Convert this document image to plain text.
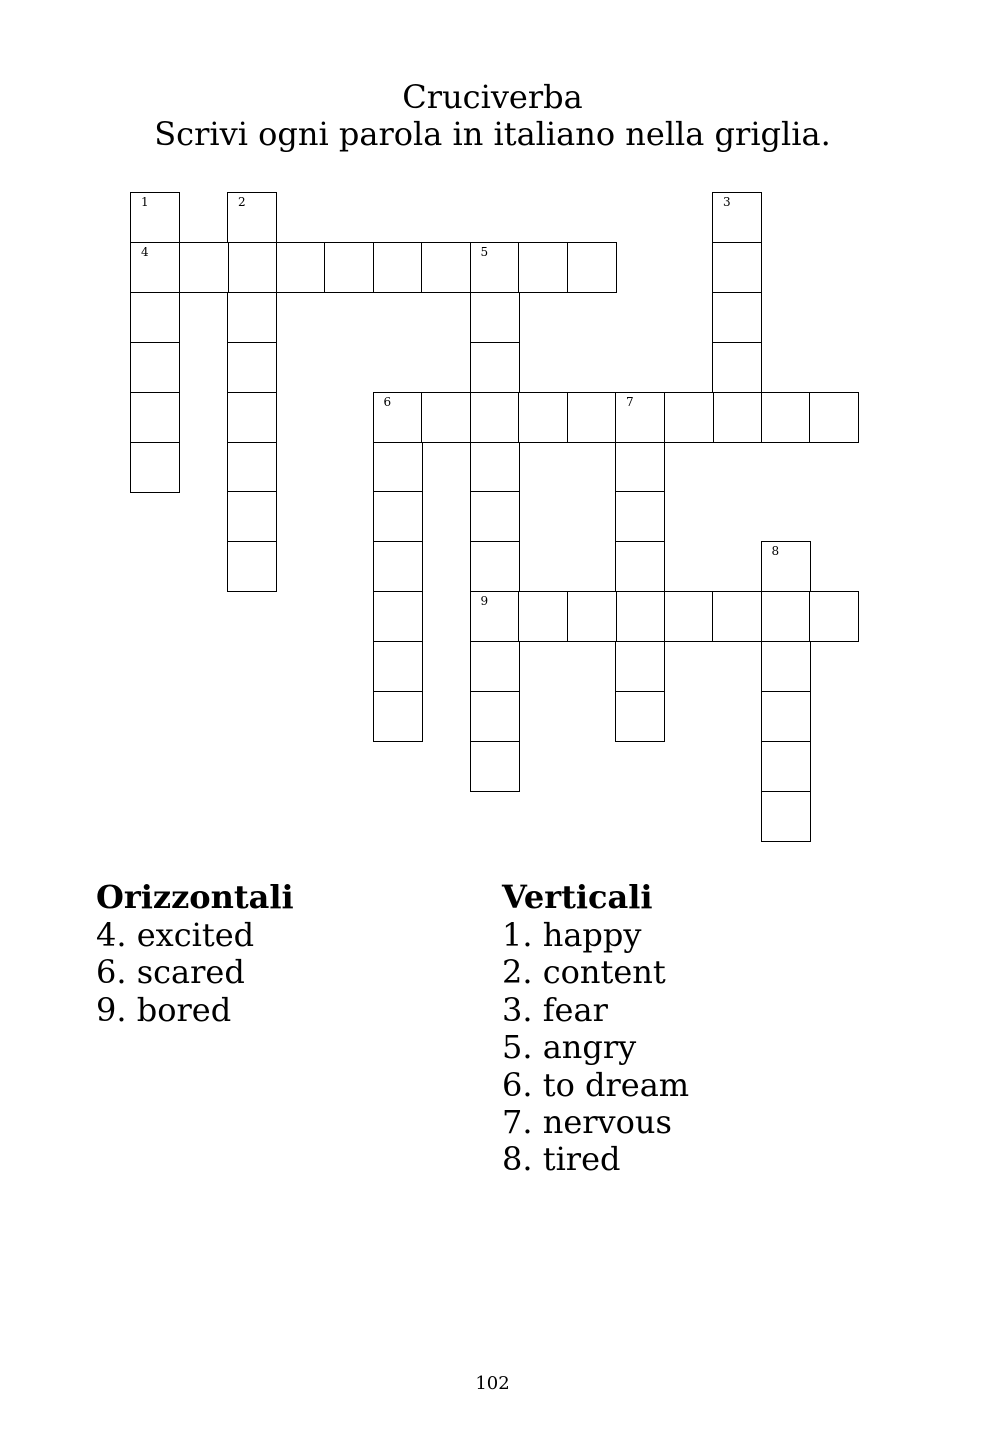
Cruciverba
Scrivi ogni parola in italiano nella griglia.
1
4
2	3
5
9
6	7
8
Orizzontali
4. excited
6. scared
9. bored
Verticali
1. happy
2. content
3. fear
5. angry
6. to dream
7. nervous
8. tired
102
